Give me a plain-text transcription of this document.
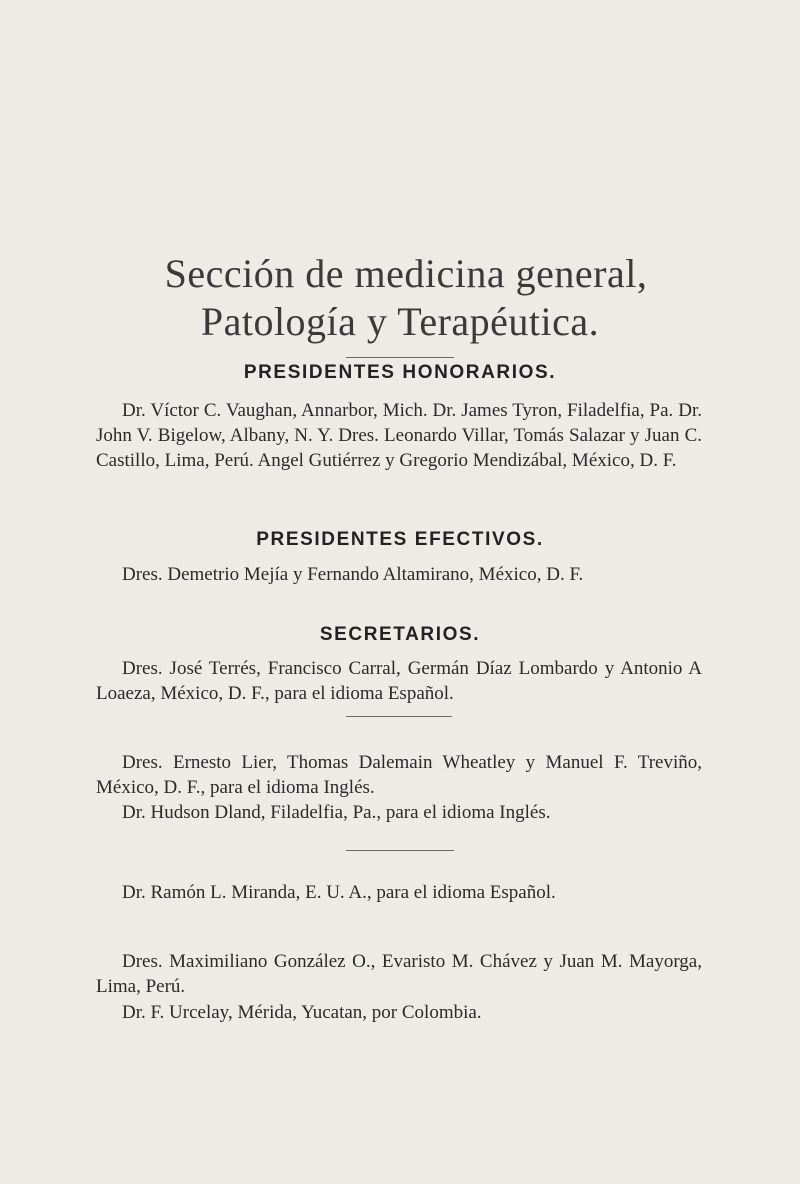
Sección de medicina general,
Patología y Terapéutica.
PRESIDENTES HONORARIOS.

Dr. Víctor C. Vaughan, Annarbor, Mich. Dr. James Tyron, Filadelfia, Pa. Dr. John V. Bigelow, Albany, N. Y. Dres. Leonardo Villar, Tomás Salazar y Juan C. Castillo, Lima, Perú. Angel Gutiérrez y Gregorio Mendizábal, México, D. F.

PRESIDENTES EFECTIVOS.

Dres. Demetrio Mejía y Fernando Altamirano, México, D. F.

SECRETARIOS.

Dres. José Terrés, Francisco Carral, Germán Díaz Lombardo y Antonio A Loaeza, México, D. F., para el idioma Español.

Dres. Ernesto Lier, Thomas Dalemain Wheatley y Manuel F. Treviño, México, D. F., para el idioma Inglés.

Dr. Hudson Dland, Filadelfia, Pa., para el idioma Inglés.

Dr. Ramón L. Miranda, E. U. A., para el idioma Español.

Dres. Maximiliano González O., Evaristo M. Chávez y Juan M. Mayorga, Lima, Perú.

Dr. F. Urcelay, Mérida, Yucatan, por Colombia.
